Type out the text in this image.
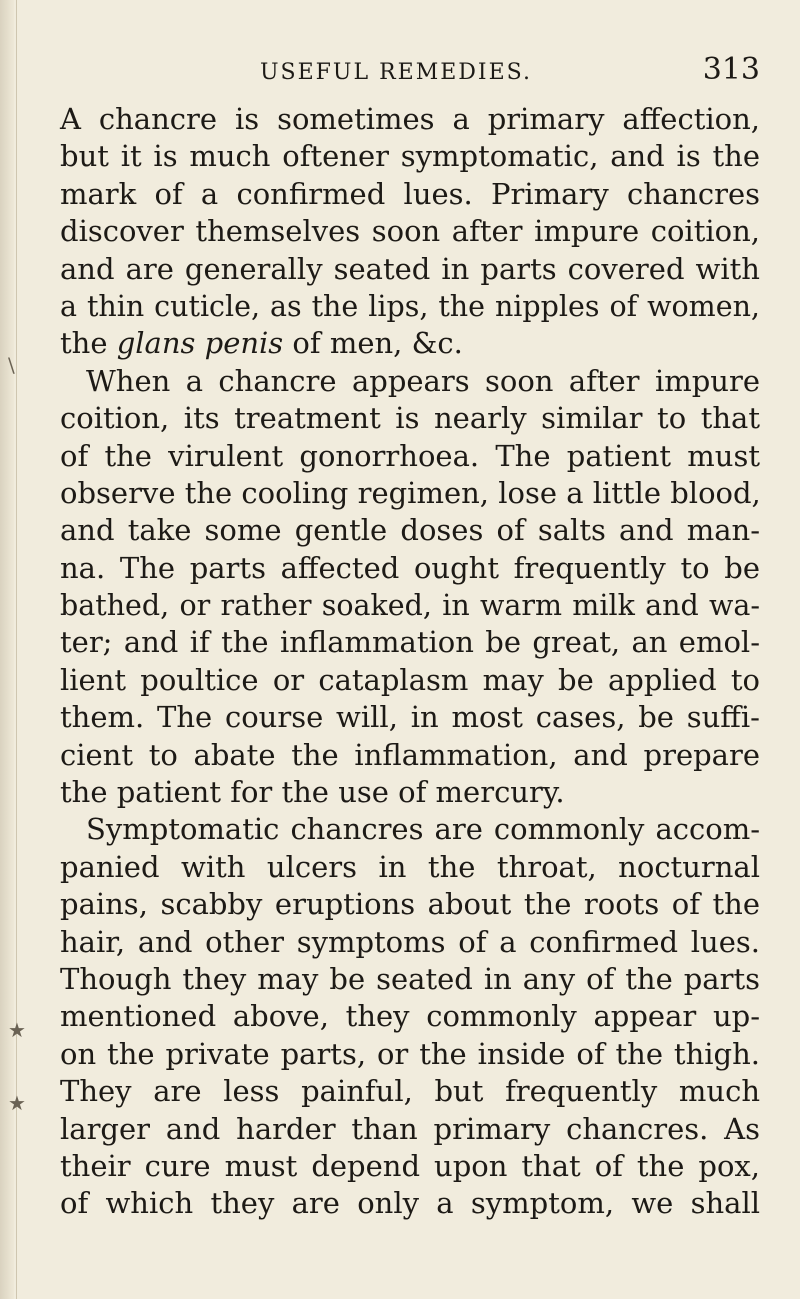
\
★
★
USEFUL REMEDIES.	313
A chancre is sometimes a primary affection,
but it is much oftener symptomatic, and is the
mark of a confirmed lues. Primary chancres
discover themselves soon after impure coition,
and are generally seated in parts covered with
a thin cuticle, as the lips, the nipples of women,
the glans penis of men, &c.
When a chancre appears soon after impure
coition, its treatment is nearly similar to that
of the virulent gonorrhoea. The patient must
observe the cooling regimen, lose a little blood,
and take some gentle doses of salts and man-
na. The parts affected ought frequently to be
bathed, or rather soaked, in warm milk and wa-
ter; and if the inflammation be great, an emol-
lient poultice or cataplasm may be applied to
them. The course will, in most cases, be suffi-
cient to abate the inflammation, and prepare
the patient for the use of mercury.
Symptomatic chancres are commonly accom-
panied with ulcers in the throat, nocturnal
pains, scabby eruptions about the roots of the
hair, and other symptoms of a confirmed lues.
Though they may be seated in any of the parts
mentioned above, they commonly appear up-
on the private parts, or the inside of the thigh.
They are less painful, but frequently much
larger and harder than primary chancres. As
their cure must depend upon that of the pox,
of which they are only a symptom, we shall
